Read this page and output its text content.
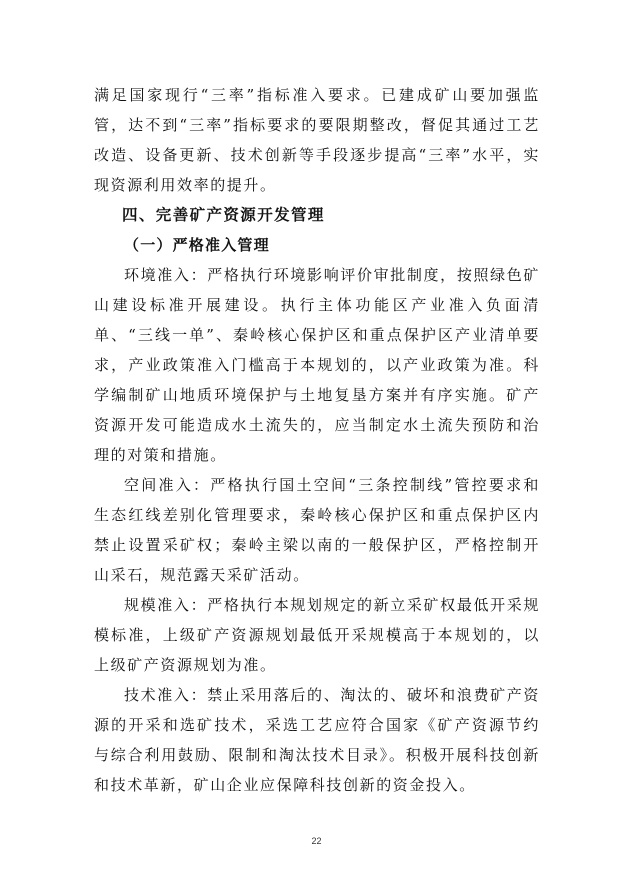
满足国家现行“三率”指标准入要求。已建成矿山要加强监管，达不到“三率”指标要求的要限期整改，督促其通过工艺改造、设备更新、技术创新等手段逐步提高“三率”水平，实现资源利用效率的提升。

四、完善矿产资源开发管理
（一）严格准入管理

环境准入：严格执行环境影响评价审批制度，按照绿色矿山建设标准开展建设。执行主体功能区产业准入负面清单、“三线一单”、秦岭核心保护区和重点保护区产业清单要求，产业政策准入门槛高于本规划的，以产业政策为准。科学编制矿山地质环境保护与土地复垦方案并有序实施。矿产资源开发可能造成水土流失的，应当制定水土流失预防和治理的对策和措施。

空间准入：严格执行国土空间“三条控制线”管控要求和生态红线差别化管理要求，秦岭核心保护区和重点保护区内禁止设置采矿权；秦岭主梁以南的一般保护区，严格控制开山采石，规范露天采矿活动。

规模准入：严格执行本规划规定的新立采矿权最低开采规模标准，上级矿产资源规划最低开采规模高于本规划的，以上级矿产资源规划为准。

技术准入：禁止采用落后的、淘汰的、破坏和浪费矿产资源的开采和选矿技术，采选工艺应符合国家《矿产资源节约与综合利用鼓励、限制和淘汰技术目录》。积极开展科技创新和技术革新，矿山企业应保障科技创新的资金投入。

22
